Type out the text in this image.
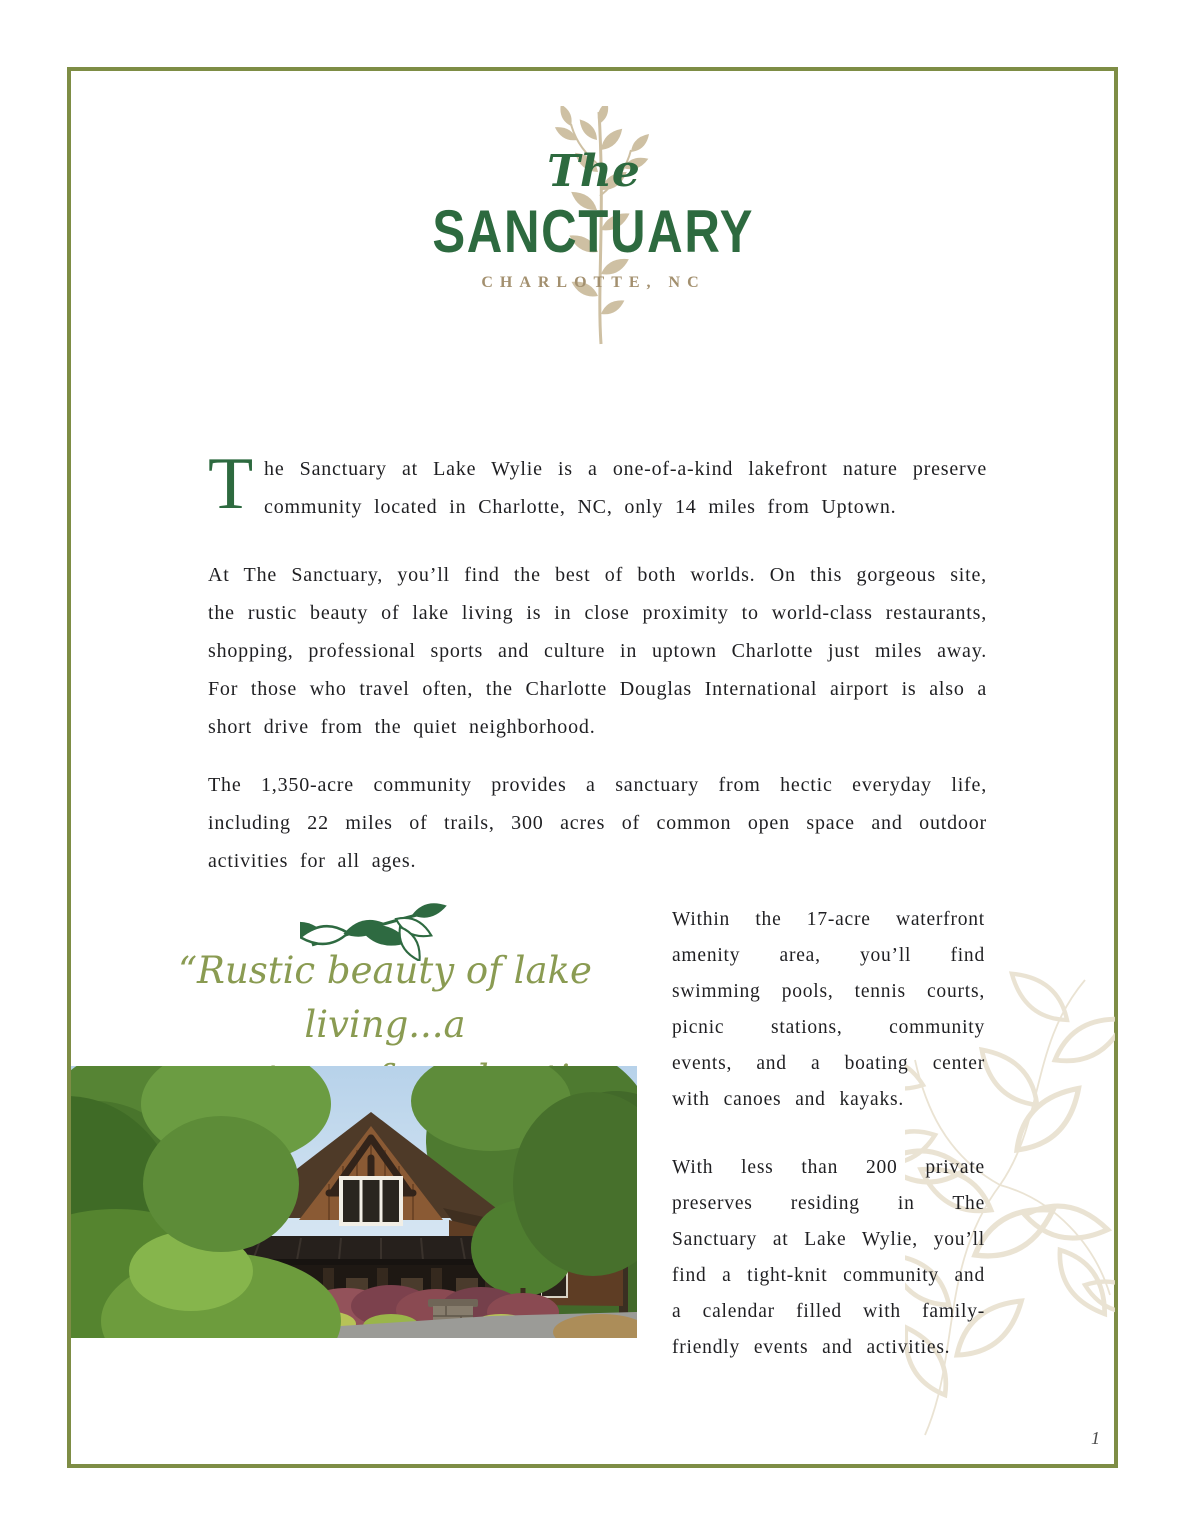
The
SANCTUARY
CHARLOTTE, NC

The Sanctuary at Lake Wylie is a one-of-a-kind lakefront nature preserve community located in Charlotte, NC, only 14 miles from Uptown.

At The Sanctuary, you’ll find the best of both worlds. On this gorgeous site, the rustic beauty of lake living is in close proximity to world-class restaurants, shopping, professional sports and culture in uptown Charlotte just miles away. For those who travel often, the Charlotte Douglas International airport is also a short drive from the quiet neighborhood.

The 1,350-acre community provides a sanctuary from hectic everyday life, including 22 miles of trails, 300 acres of common open space and outdoor activities for all ages.

“Rustic beauty of lake living...a

Within the 17-acre waterfront amenity area, you’ll find swimming pools, tennis courts, picnic stations, community events, and a boating center with canoes and kayaks.

With less than 200 private preserves residing in The Sanctuary at Lake Wylie, you’ll find a tight-knit community and a calendar filled with family-friendly events and activities.

1
